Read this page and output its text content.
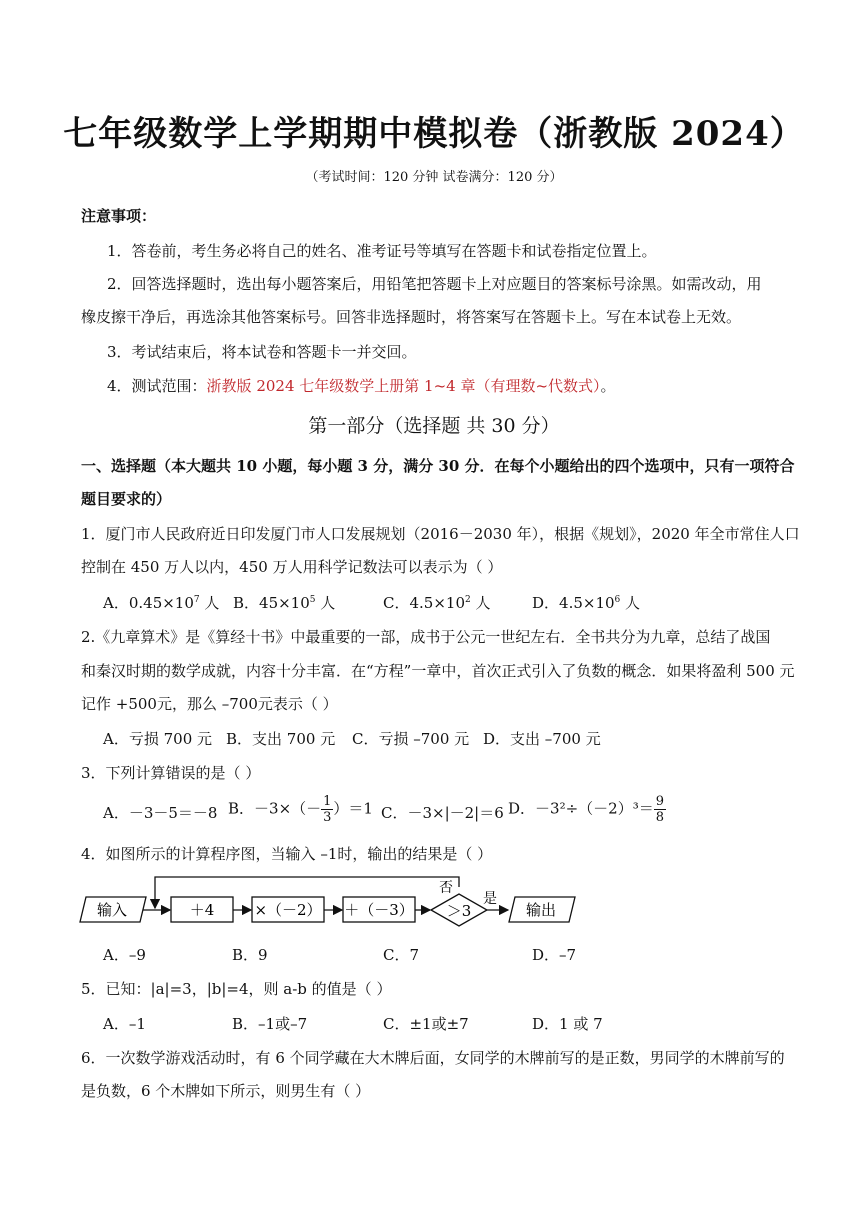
七年级数学上学期期中模拟卷（浙教版 2024）
（考试时间：120 分钟 试卷满分：120 分）
注意事项：
1．答卷前，考生务必将自己的姓名、准考证号等填写在答题卡和试卷指定位置上。
2．回答选择题时，选出每小题答案后，用铅笔把答题卡上对应题目的答案标号涂黑。如需改动，用
橡皮擦干净后，再选涂其他答案标号。回答非选择题时，将答案写在答题卡上。写在本试卷上无效。
3．考试结束后，将本试卷和答题卡一并交回。
4．测试范围：浙教版 2024 七年级数学上册第 1~4 章（有理数~代数式）。
第一部分（选择题 共 30 分）
一、选择题（本大题共 10 小题，每小题 3 分，满分 30 分．在每个小题给出的四个选项中，只有一项符合
题目要求的）
1．厦门市人民政府近日印发厦门市人口发展规划（2016－2030 年），根据《规划》，2020 年全市常住人口
控制在 450 万人以内，450 万人用科学记数法可以表示为（ ）
A．$0.45\times 10^7$ 人 B．$45\times 10^5$ 人	C．$4.5\times 10^2$ 人	D．$4.5\times 10^6$ 人
2.《九章算术》是《算经十书》中最重要的一部，成书于公元一世纪左右．全书共分为九章，总结了战国
和秦汉时期的数学成就，内容十分丰富．在“方程”一章中，首次正式引入了负数的概念．如果将盈利 500 元
记作 +500元，那么 –700元表示（ ）
A．亏损 700 元 B．支出 700 元 C．亏损 –700 元 D．支出 –700 元
3．下列计算错误的是（ ）
A．－3－5＝－8 B．$-3\times(- \frac{1}{3} )=1$ C．－3×|－2|＝6 D．$-3^2\div(-2)^3= \frac{9}{8}$
4．如图所示的计算程序图，当输入 –1时，输出的结果是（ ）
输入	＋4	×（－2） ＋（－3） ＞3
否
是
输出
A．–9	B．9	C．7	D．–7
5．已知：|a|=3，|b|=4，则 a-b 的值是（ ）
A．–1	B．–1或–7	C．±1或±7	D．1 或 7
6．一次数学游戏活动时，有 6 个同学藏在大木牌后面，女同学的木牌前写的是正数，男同学的木牌前写的
是负数，6 个木牌如下所示，则男生有（ ）
